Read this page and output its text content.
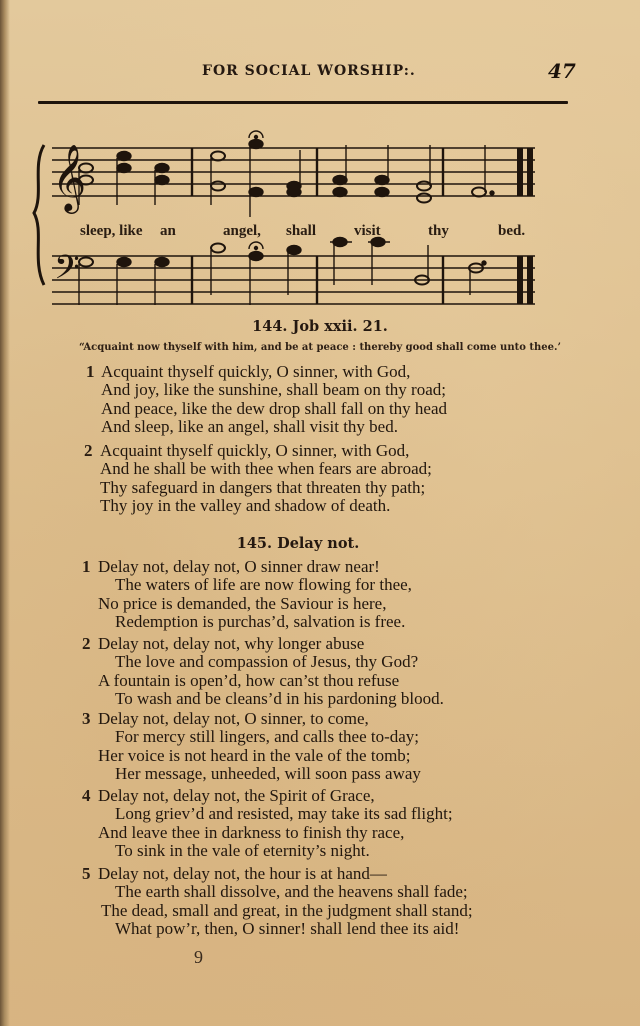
FOR SOCIAL WORSHIP:.	47
𝄞
𝄢
sleep, like an	angel, shall	visit	thy	bed.
144. Job xxii. 21.
“Acquaint now thyself with him, and be at peace : thereby good shall come unto thee.’
1 Acquaint thyself quickly, O sinner, with God,
And joy, like the sunshine, shall beam on thy road;
And peace, like the dew drop shall fall on thy head
And sleep, like an angel, shall visit thy bed.
2 Acquaint thyself quickly, O sinner, with God,
And he shall be with thee when fears are abroad;
Thy safeguard in dangers that threaten thy path;
Thy joy in the valley and shadow of death.
145. Delay not.
1 Delay not, delay not, O sinner draw near!
The waters of life are now flowing for thee,
No price is demanded, the Saviour is here,
Redemption is purchas’d, salvation is free.
2 Delay not, delay not, why longer abuse
The love and compassion of Jesus, thy God?
A fountain is open’d, how can’st thou refuse
To wash and be cleans’d in his pardoning blood.
3 Delay not, delay not, O sinner, to come,
For mercy still lingers, and calls thee to-day;
Her voice is not heard in the vale of the tomb;
Her message, unheeded, will soon pass away
4 Delay not, delay not, the Spirit of Grace,
Long griev’d and resisted, may take its sad flight;
And leave thee in darkness to finish thy race,
To sink in the vale of eternity’s night.
5 Delay not, delay not, the hour is at hand—
The earth shall dissolve, and the heavens shall fade;
The dead, small and great, in the judgment shall stand;
What pow’r, then, O sinner! shall lend thee its aid!
9
